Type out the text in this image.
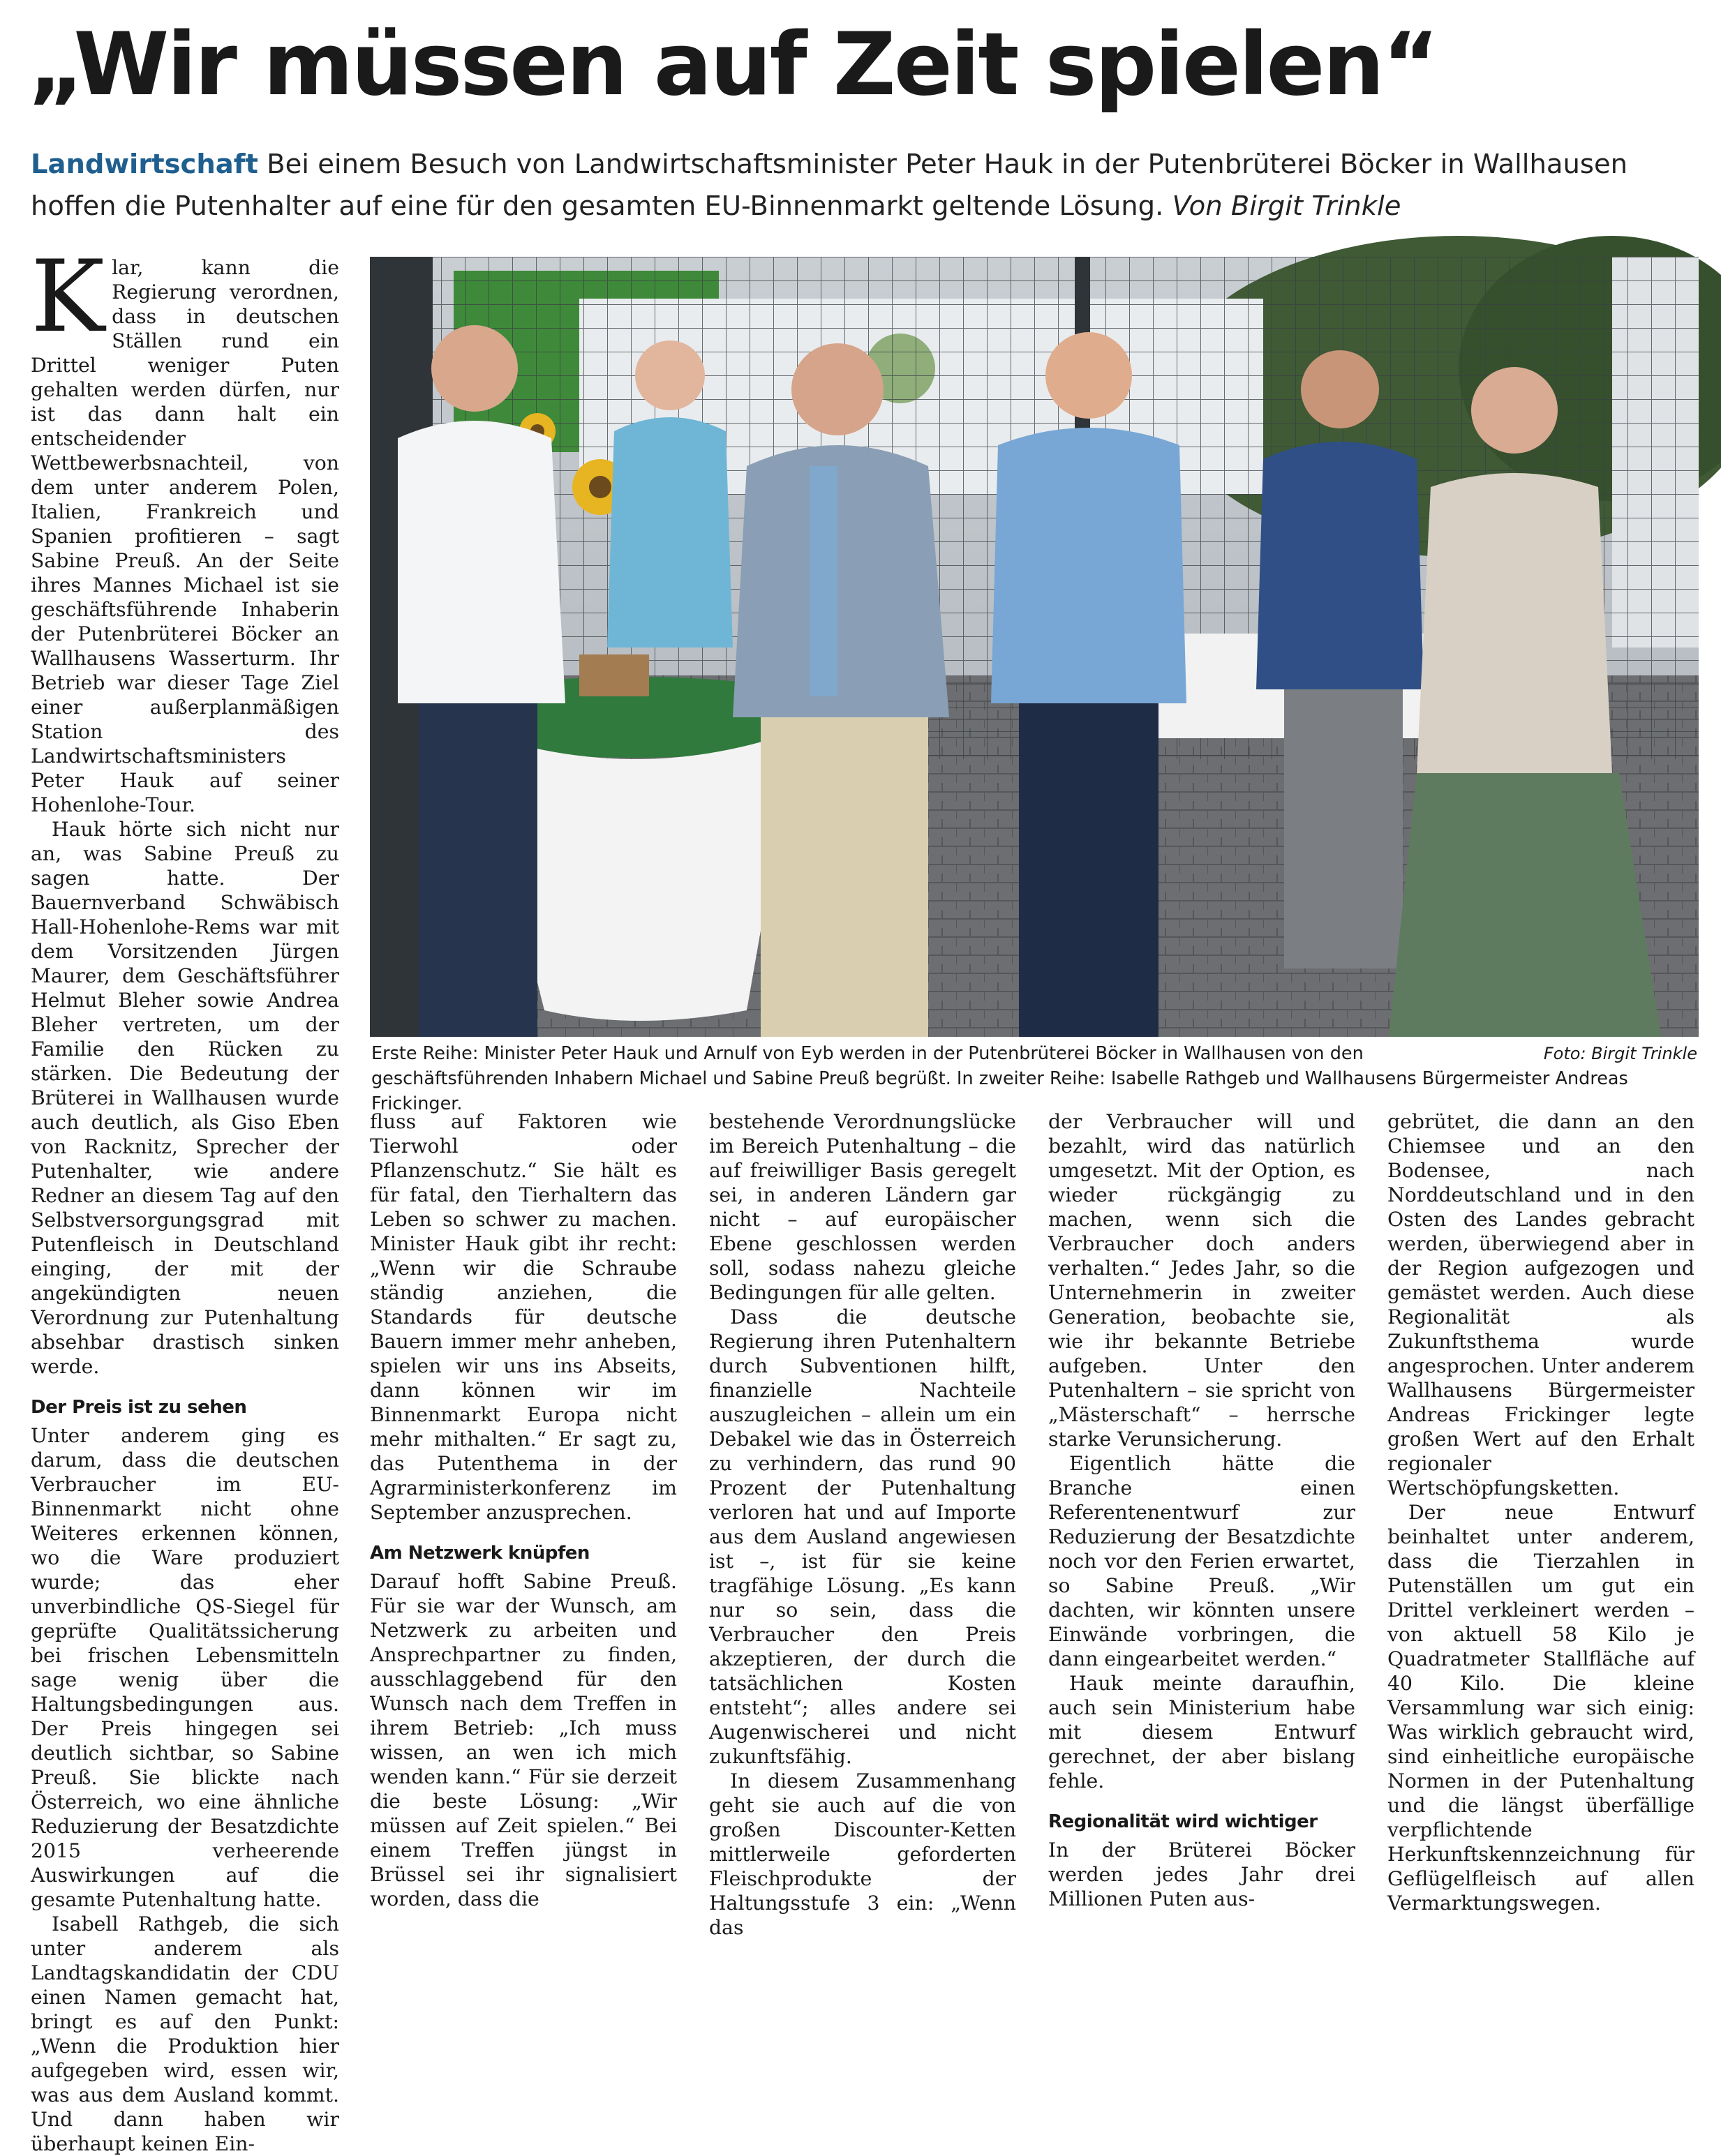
„Wir müssen auf Zeit spielen“
Landwirtschaft Bei einem Besuch von Landwirtschaftsminister Peter Hauk in der Putenbrüterei Böcker in Wallhausen hoffen die Putenhalter auf eine für den gesamten EU-Binnenmarkt geltende Lösung. Von Birgit Trinkle

Klar, kann die Regierung verordnen, dass in deutschen Ställen rund ein Drittel weniger Puten gehalten werden dürfen, nur ist das dann halt ein entscheidender Wettbewerbsnachteil, von dem unter anderem Polen, Italien, Frankreich und Spanien profitieren – sagt Sabine Preuß. An der Seite ihres Mannes Michael ist sie geschäftsführende Inhaberin der Putenbrüterei Böcker an Wallhausens Wasserturm. Ihr Betrieb war dieser Tage Ziel einer außerplanmäßigen Station des Landwirtschaftsministers Peter Hauk auf seiner Hohenlohe-Tour.

Hauk hörte sich nicht nur an, was Sabine Preuß zu sagen hatte. Der Bauernverband Schwäbisch Hall-Hohenlohe-Rems war mit dem Vorsitzenden Jürgen Maurer, dem Geschäftsführer Helmut Bleher sowie Andrea Bleher vertreten, um der Familie den Rücken zu stärken. Die Bedeutung der Brüterei in Wallhausen wurde auch deutlich, als Giso Eben von Racknitz, Sprecher der Putenhalter, wie andere Redner an diesem Tag auf den Selbstversorgungsgrad mit Putenfleisch in Deutschland einging, der mit der angekündigten neuen Verordnung zur Putenhaltung absehbar drastisch sinken werde.

Der Preis ist zu sehen

Unter anderem ging es darum, dass die deutschen Verbraucher im EU-Binnenmarkt nicht ohne Weiteres erkennen können, wo die Ware produziert wurde; das eher unverbindliche QS-Siegel für geprüfte Qualitätssicherung bei frischen Lebensmitteln sage wenig über die Haltungsbedingungen aus. Der Preis hingegen sei deutlich sichtbar, so Sabine Preuß. Sie blickte nach Österreich, wo eine ähnliche Reduzierung der Besatzdichte 2015 verheerende Auswirkungen auf die gesamte Putenhaltung hatte.

Isabell Rathgeb, die sich unter anderem als Landtagskandidatin der CDU einen Namen gemacht hat, bringt es auf den Punkt: „Wenn die Produktion hier aufgegeben wird, essen wir, was aus dem Ausland kommt. Und dann haben wir überhaupt keinen Ein-

Foto: Birgit Trinkle
Erste Reihe: Minister Peter Hauk und Arnulf von Eyb werden in der Putenbrüterei Böcker in Wallhausen von den geschäftsführenden Inhabern Michael und Sabine Preuß begrüßt. In zweiter Reihe: Isabelle Rathgeb und Wallhausens Bürgermeister Andreas Frickinger.

fluss auf Faktoren wie Tierwohl oder Pflanzenschutz.“ Sie hält es für fatal, den Tierhaltern das Leben so schwer zu machen. Minister Hauk gibt ihr recht: „Wenn wir die Schraube ständig anziehen, die Standards für deutsche Bauern immer mehr anheben, spielen wir uns ins Abseits, dann können wir im Binnenmarkt Europa nicht mehr mithalten.“ Er sagt zu, das Putenthema in der Agrarministerkonferenz im September anzusprechen.

Am Netzwerk knüpfen

Darauf hofft Sabine Preuß. Für sie war der Wunsch, am Netzwerk zu arbeiten und Ansprechpartner zu finden, ausschlaggebend für den Wunsch nach dem Treffen in ihrem Betrieb: „Ich muss wissen, an wen ich mich wenden kann.“ Für sie derzeit die beste Lösung: „Wir müssen auf Zeit spielen.“ Bei einem Treffen jüngst in Brüssel sei ihr signalisiert worden, dass die

bestehende Verordnungslücke im Bereich Putenhaltung – die auf freiwilliger Basis geregelt sei, in anderen Ländern gar nicht – auf europäischer Ebene geschlossen werden soll, sodass nahezu gleiche Bedingungen für alle gelten.

Dass die deutsche Regierung ihren Putenhaltern durch Subventionen hilft, finanzielle Nachteile auszugleichen – allein um ein Debakel wie das in Österreich zu verhindern, das rund 90 Prozent der Putenhaltung verloren hat und auf Importe aus dem Ausland angewiesen ist –, ist für sie keine tragfähige Lösung. „Es kann nur so sein, dass die Verbraucher den Preis akzeptieren, der durch die tatsächlichen Kosten entsteht“; alles andere sei Augenwischerei und nicht zukunftsfähig.

In diesem Zusammenhang geht sie auch auf die von großen Discounter-Ketten mittlerweile geforderten Fleischprodukte der Haltungsstufe 3 ein: „Wenn das

der Verbraucher will und bezahlt, wird das natürlich umgesetzt. Mit der Option, es wieder rückgängig zu machen, wenn sich die Verbraucher doch anders verhalten.“ Jedes Jahr, so die Unternehmerin in zweiter Generation, beobachte sie, wie ihr bekannte Betriebe aufgeben. Unter den Putenhaltern – sie spricht von „Mästerschaft“ – herrsche starke Verunsicherung.

Eigentlich hätte die Branche einen Referentenentwurf zur Reduzierung der Besatzdichte noch vor den Ferien erwartet, so Sabine Preuß. „Wir dachten, wir könnten unsere Einwände vorbringen, die dann eingearbeitet werden.“

Hauk meinte daraufhin, auch sein Ministerium habe mit diesem Entwurf gerechnet, der aber bislang fehle.

Regionalität wird wichtiger

In der Brüterei Böcker werden jedes Jahr drei Millionen Puten aus-

gebrütet, die dann an den Chiemsee und an den Bodensee, nach Norddeutschland und in den Osten des Landes gebracht werden, überwiegend aber in der Region aufgezogen und gemästet werden. Auch diese Regionalität als Zukunftsthema wurde angesprochen. Unter anderem Wallhausens Bürgermeister Andreas Frickinger legte großen Wert auf den Erhalt regionaler Wertschöpfungsketten.

Der neue Entwurf beinhaltet unter anderem, dass die Tierzahlen in Putenställen um gut ein Drittel verkleinert werden – von aktuell 58 Kilo je Quadratmeter Stallfläche auf 40 Kilo. Die kleine Versammlung war sich einig: Was wirklich gebraucht wird, sind einheitliche europäische Normen in der Putenhaltung und die längst überfällige verpflichtende Herkunftskennzeichnung für Geflügelfleisch auf allen Vermarktungswegen.
